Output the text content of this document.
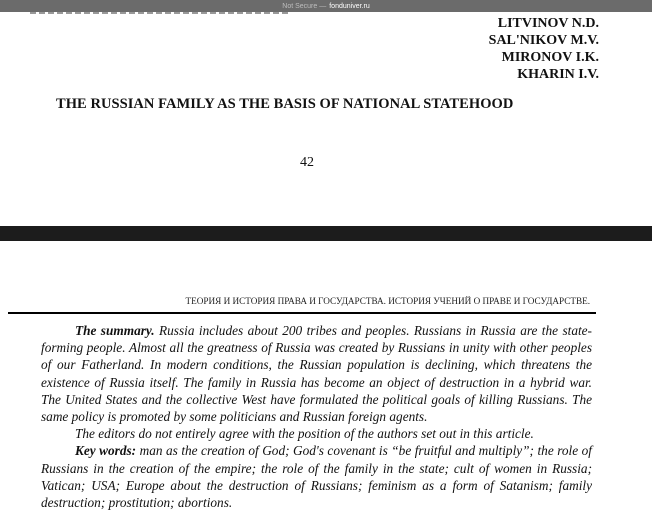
Not Secure — fonduniver.ru
LITVINOV N.D.
SAL'NIKOV M.V.
MIRONOV I.K.
KHARIN I.V.
THE RUSSIAN FAMILY AS THE BASIS OF NATIONAL STATEHOOD
42
ТЕОРИЯ И ИСТОРИЯ ПРАВА И ГОСУДАРСТВА. ИСТОРИЯ УЧЕНИЙ О ПРАВЕ И ГОСУДАРСТВЕ.

The summary. Russia includes about 200 tribes and peoples. Russians in Russia are the state-forming people. Almost all the greatness of Russia was created by Russians in unity with other peoples of our Fatherland. In modern conditions, the Russian population is declining, which threatens the existence of Russia itself. The family in Russia has become an object of destruction in a hybrid war. The United States and the collective West have formulated the political goals of killing Russians. The same policy is promoted by some politicians and Russian foreign agents.

The editors do not entirely agree with the position of the authors set out in this article.

Key words: man as the creation of God; God's covenant is “be fruitful and multiply”; the role of Russians in the creation of the empire; the role of the family in the state; cult of women in Russia; Vatican; USA; Europe about the destruction of Russians; feminism as a form of Satanism; family destruction; prostitution; abortions.
